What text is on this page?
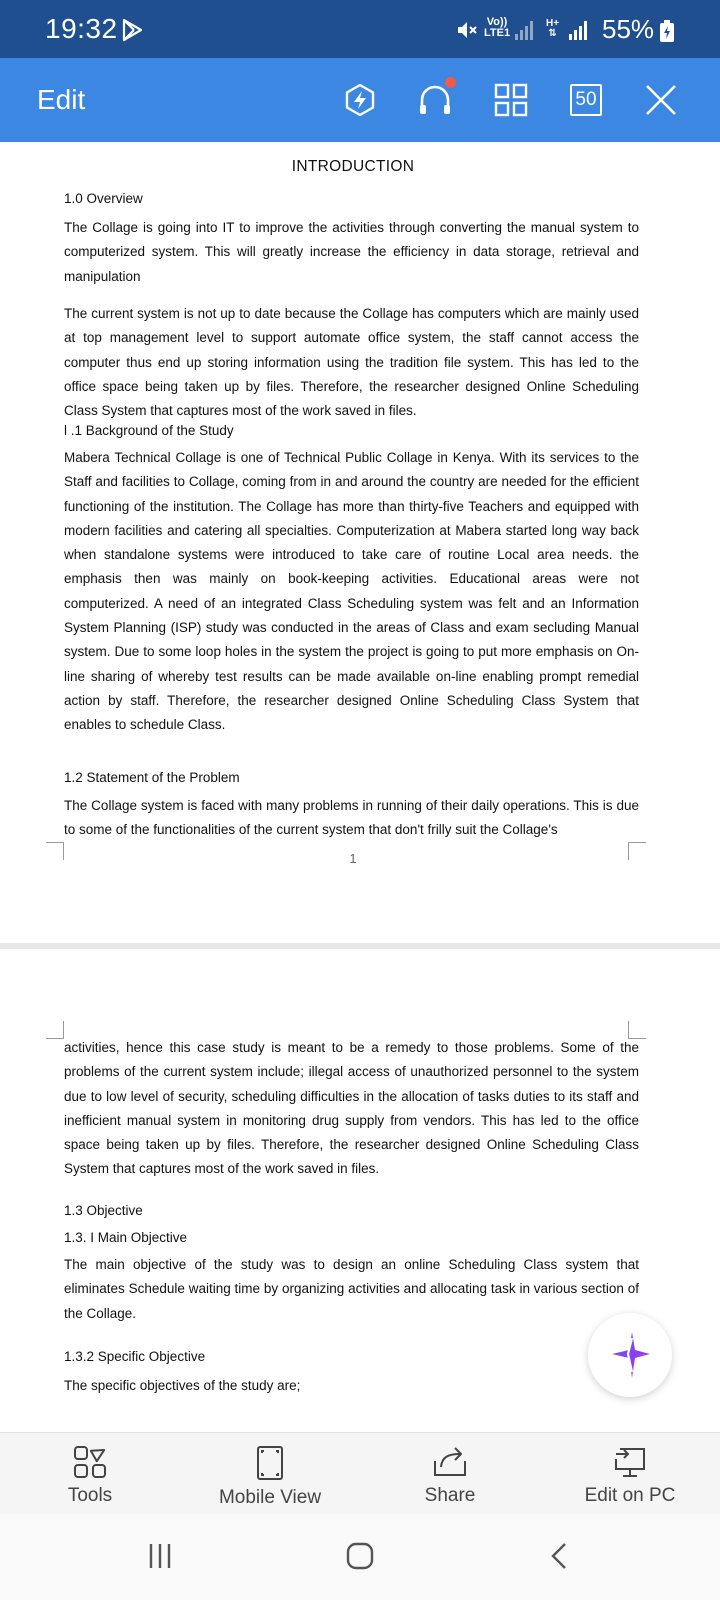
19:32	Vo))
LTE1
H+
⇅ 55%
Edit	50
INTRODUCTION
1.0 Overview
The Collage is going into IT to improve the activities through converting the manual system to computerized system. This will greatly increase the efficiency in data storage, retrieval and manipulation
The current system is not up to date because the Collage has computers which are mainly used at top management level to support automate office system, the staff cannot access the computer thus end up storing information using the tradition file system. This has led to the office space being taken up by files. Therefore, the researcher designed Online Scheduling Class System that captures most of the work saved in files.
l .1 Background of the Study
Mabera Technical Collage is one of Technical Public Collage in Kenya. With its services to the Staff and facilities to Collage, coming from in and around the country are needed for the efficient functioning of the institution. The Collage has more than thirty-five Teachers and equipped with modern facilities and catering all specialties. Computerization at Mabera started long way back when standalone systems were introduced to take care of routine Local area needs. the emphasis then was mainly on book-keeping activities. Educational areas were not computerized. A need of an integrated Class Scheduling system was felt and an Information System Planning (ISP) study was conducted in the areas of Class and exam secluding Manual system. Due to some loop holes in the system the project is going to put more emphasis on On-line sharing of whereby test results can be made available on-line enabling prompt remedial action by staff. Therefore, the researcher designed Online Scheduling Class System that enables to schedule Class.
1.2 Statement of the Problem
The Collage system is faced with many problems in running of their daily operations. This is due to some of the functionalities of the current system that don't frilly suit the Collage's
1
activities, hence this case study is meant to be a remedy to those problems. Some of the problems of the current system include; illegal access of unauthorized personnel to the system due to low level of security, scheduling difficulties in the allocation of tasks duties to its staff and inefficient manual system in monitoring drug supply from vendors. This has led to the office space being taken up by files. Therefore, the researcher designed Online Scheduling Class System that captures most of the work saved in files.
1.3 Objective
1.3. I Main Objective
The main objective of the study was to design an online Scheduling Class system that eliminates Schedule waiting time by organizing activities and allocating task in various section of the Collage.
1.3.2 Specific Objective
The specific objectives of the study are;
Tools	Mobile View	Share	Edit on PC
